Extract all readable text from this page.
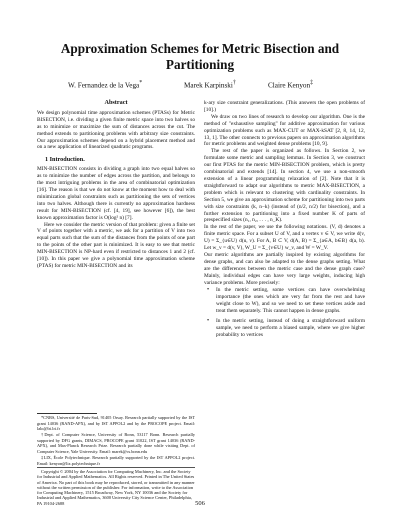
Approximation Schemes for Metric Bisection and Partitioning
W. Fernandez de la Vega*	Marek Karpinski†	Claire Kenyon‡
Abstract

We design polynomial time approximation schemes (PTASs) for Metric BISECTION, i.e. dividing a given finite metric space into two halves so as to minimize or maximize the sum of distances across the cut. The method extends to partitioning problems with arbitrary size constraints. Our approximation schemes depend on a hybrid placement method and on a new application of linearized quadratic programs.

1 Introduction.

MIN-BISECTION consists in dividing a graph into two equal halves so as to minimize the number of edges across the partition, and belongs to the most intriguing problems in the area of combinatorial optimization [16]. The reason is that we do not know at the moment how to deal with minimization global constraints such as partitioning the sets of vertices into two halves. Although there is currently no approximation hardness result for MIN-BISECTION (cf. [4, 19], see however [6]), the best known approximation factor is O(log² n) [7].

Here we consider the metric version of that problem: given a finite set V of points together with a metric, we ask for a partition of V into two equal parts such that the sum of the distances from the points of one part to the points of the other part is minimized. It is easy to see that metric MIN-BISECTION is NP-hard even if restricted to distances 1 and 2 (cf. [10]). In this paper we give a polynomial time approximation scheme (PTAS) for metric MIN-BISECTION and its

k-ary size constraint generalizations. (This answers the open problems of [10].)

We draw on two lines of research to develop our algorithm. One is the method of "exhaustive sampling" for additive approximation for various optimization problems such as MAX-CUT or MAX-kSAT [2, 8, 14, 12, 13, 1]. The other connects to previous papers on approximation algorithms for metric problems and weighted dense problems [10, 9].

The rest of the paper is organized as follows. In Section 2, we formulate some metric and sampling lemmas. In Section 3, we construct our first PTAS for the metric MIN-BISECTION problem, which is pretty combinatorial and extends [14]. In section 4, we use a non-smooth extension of a linear programming relaxation of [2]. Note that it is straightforward to adapt our algorithms to metric MAX-BISECTION, a problem which is relevant to clustering with cardinality constraints. In Section 5, we give an approximation scheme for partitioning into two parts with size constraints (k, n−k) (instead of (n/2, n/2) for bisection), and a further extension to partitioning into a fixed number K of parts of prespecified sizes (n₁, n₂, . . . , n_K).

In the rest of the paper, we use the following notations. (V, d) denotes a finite metric space. For a subset U of V, and a vertex v ∈ V, we write d(v, U) = Σ_{u∈U} d(u, v). For A, B ⊂ V, d(A, B) = Σ_{a∈A, b∈B} d(a, b). Let w_v = d(v, V), W_U = Σ_{v∈U} w_v, and W = W_V.

Our metric algorithms are partially inspired by existing algorithms for dense graphs, and can also be adapted to the dense graphs setting. What are the differences between the metric case and the dense graph case? Mainly, individual edges can have very large weights, inducing high variance problems. More precisely:

• In the metric setting, some vertices can have overwhelming importance (the ones which are very far from the rest and have weight close to W), and so we need to set these vertices aside and treat them separately. This cannot happen in dense graphs.
• In the metric setting, instead of doing a straightforward uniform sample, we need to perform a biased sample, where we give higher probability to vertices

*CNRS, Université de Paris-Sud, 91405 Orsay. Research partially supported by the IST grant 14036 (RAND-APX), and by IST APPOL2 and by the PROCOPE project. Email: lalo@lri.lri.fr

†Dept. of Computer Science, University of Bonn, 53117 Bonn. Research partially supported by DFG grants, DIMACS, PROCOPE grant 31022, IST grant 14036 (RAND-APX), and Max-Planck Research Prize. Research partially done while visiting Dept. of Computer Science, Yale University. Email: marek@cs.bonn.edu

‡LIX, École Polytechnique. Research partially supported by the IST APPOL2 project. Email: kenyon@lix.polytechnique.fr

Copyright © 2004 by the Association for Computing Machinery, Inc. and the Society for Industrial and Applied Mathematics. All Rights reserved. Printed in The United States of America. No part of this book may be reproduced, stored, or transmitted in any manner without the written permission of the publisher. For information, write to the Association for Computing Machinery, 1515 Broadway, New York, NY 10036 and the Society for Industrial and Applied Mathematics, 3600 University City Science Center, Philadelphia, PA 19104-2688	506
